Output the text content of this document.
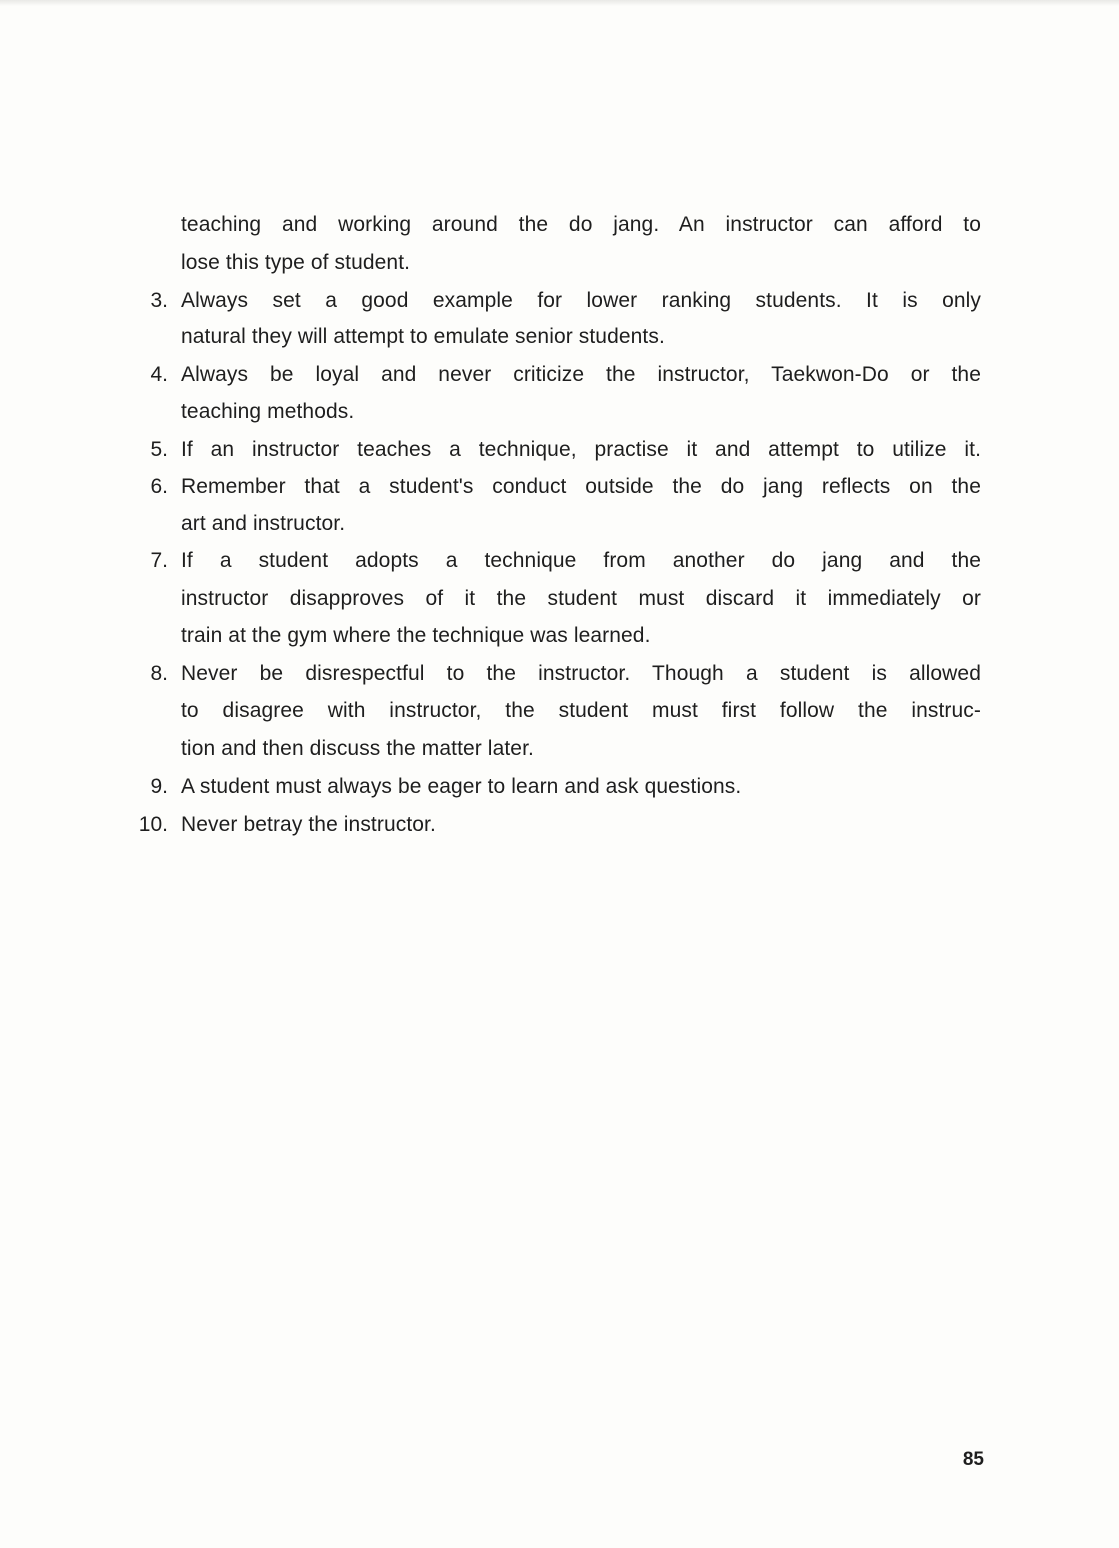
teaching and working around the do jang. An instructor can afford to
lose this type of student.
3. Always set a good example for lower ranking students. It is only
natural they will attempt to emulate senior students.
4. Always be loyal and never criticize the instructor, Taekwon-Do or the
teaching methods.
5. If an instructor teaches a technique, practise it and attempt to utilize it.
6. Remember that a student's conduct outside the do jang reflects on the
art and instructor.
7. If a student adopts a technique from another do jang and the
instructor disapproves of it the student must discard it immediately or
train at the gym where the technique was learned.
8. Never be disrespectful to the instructor. Though a student is allowed
to disagree with instructor, the student must first follow the instruc-
tion and then discuss the matter later.
9. A student must always be eager to learn and ask questions.
10. Never betray the instructor.
85
